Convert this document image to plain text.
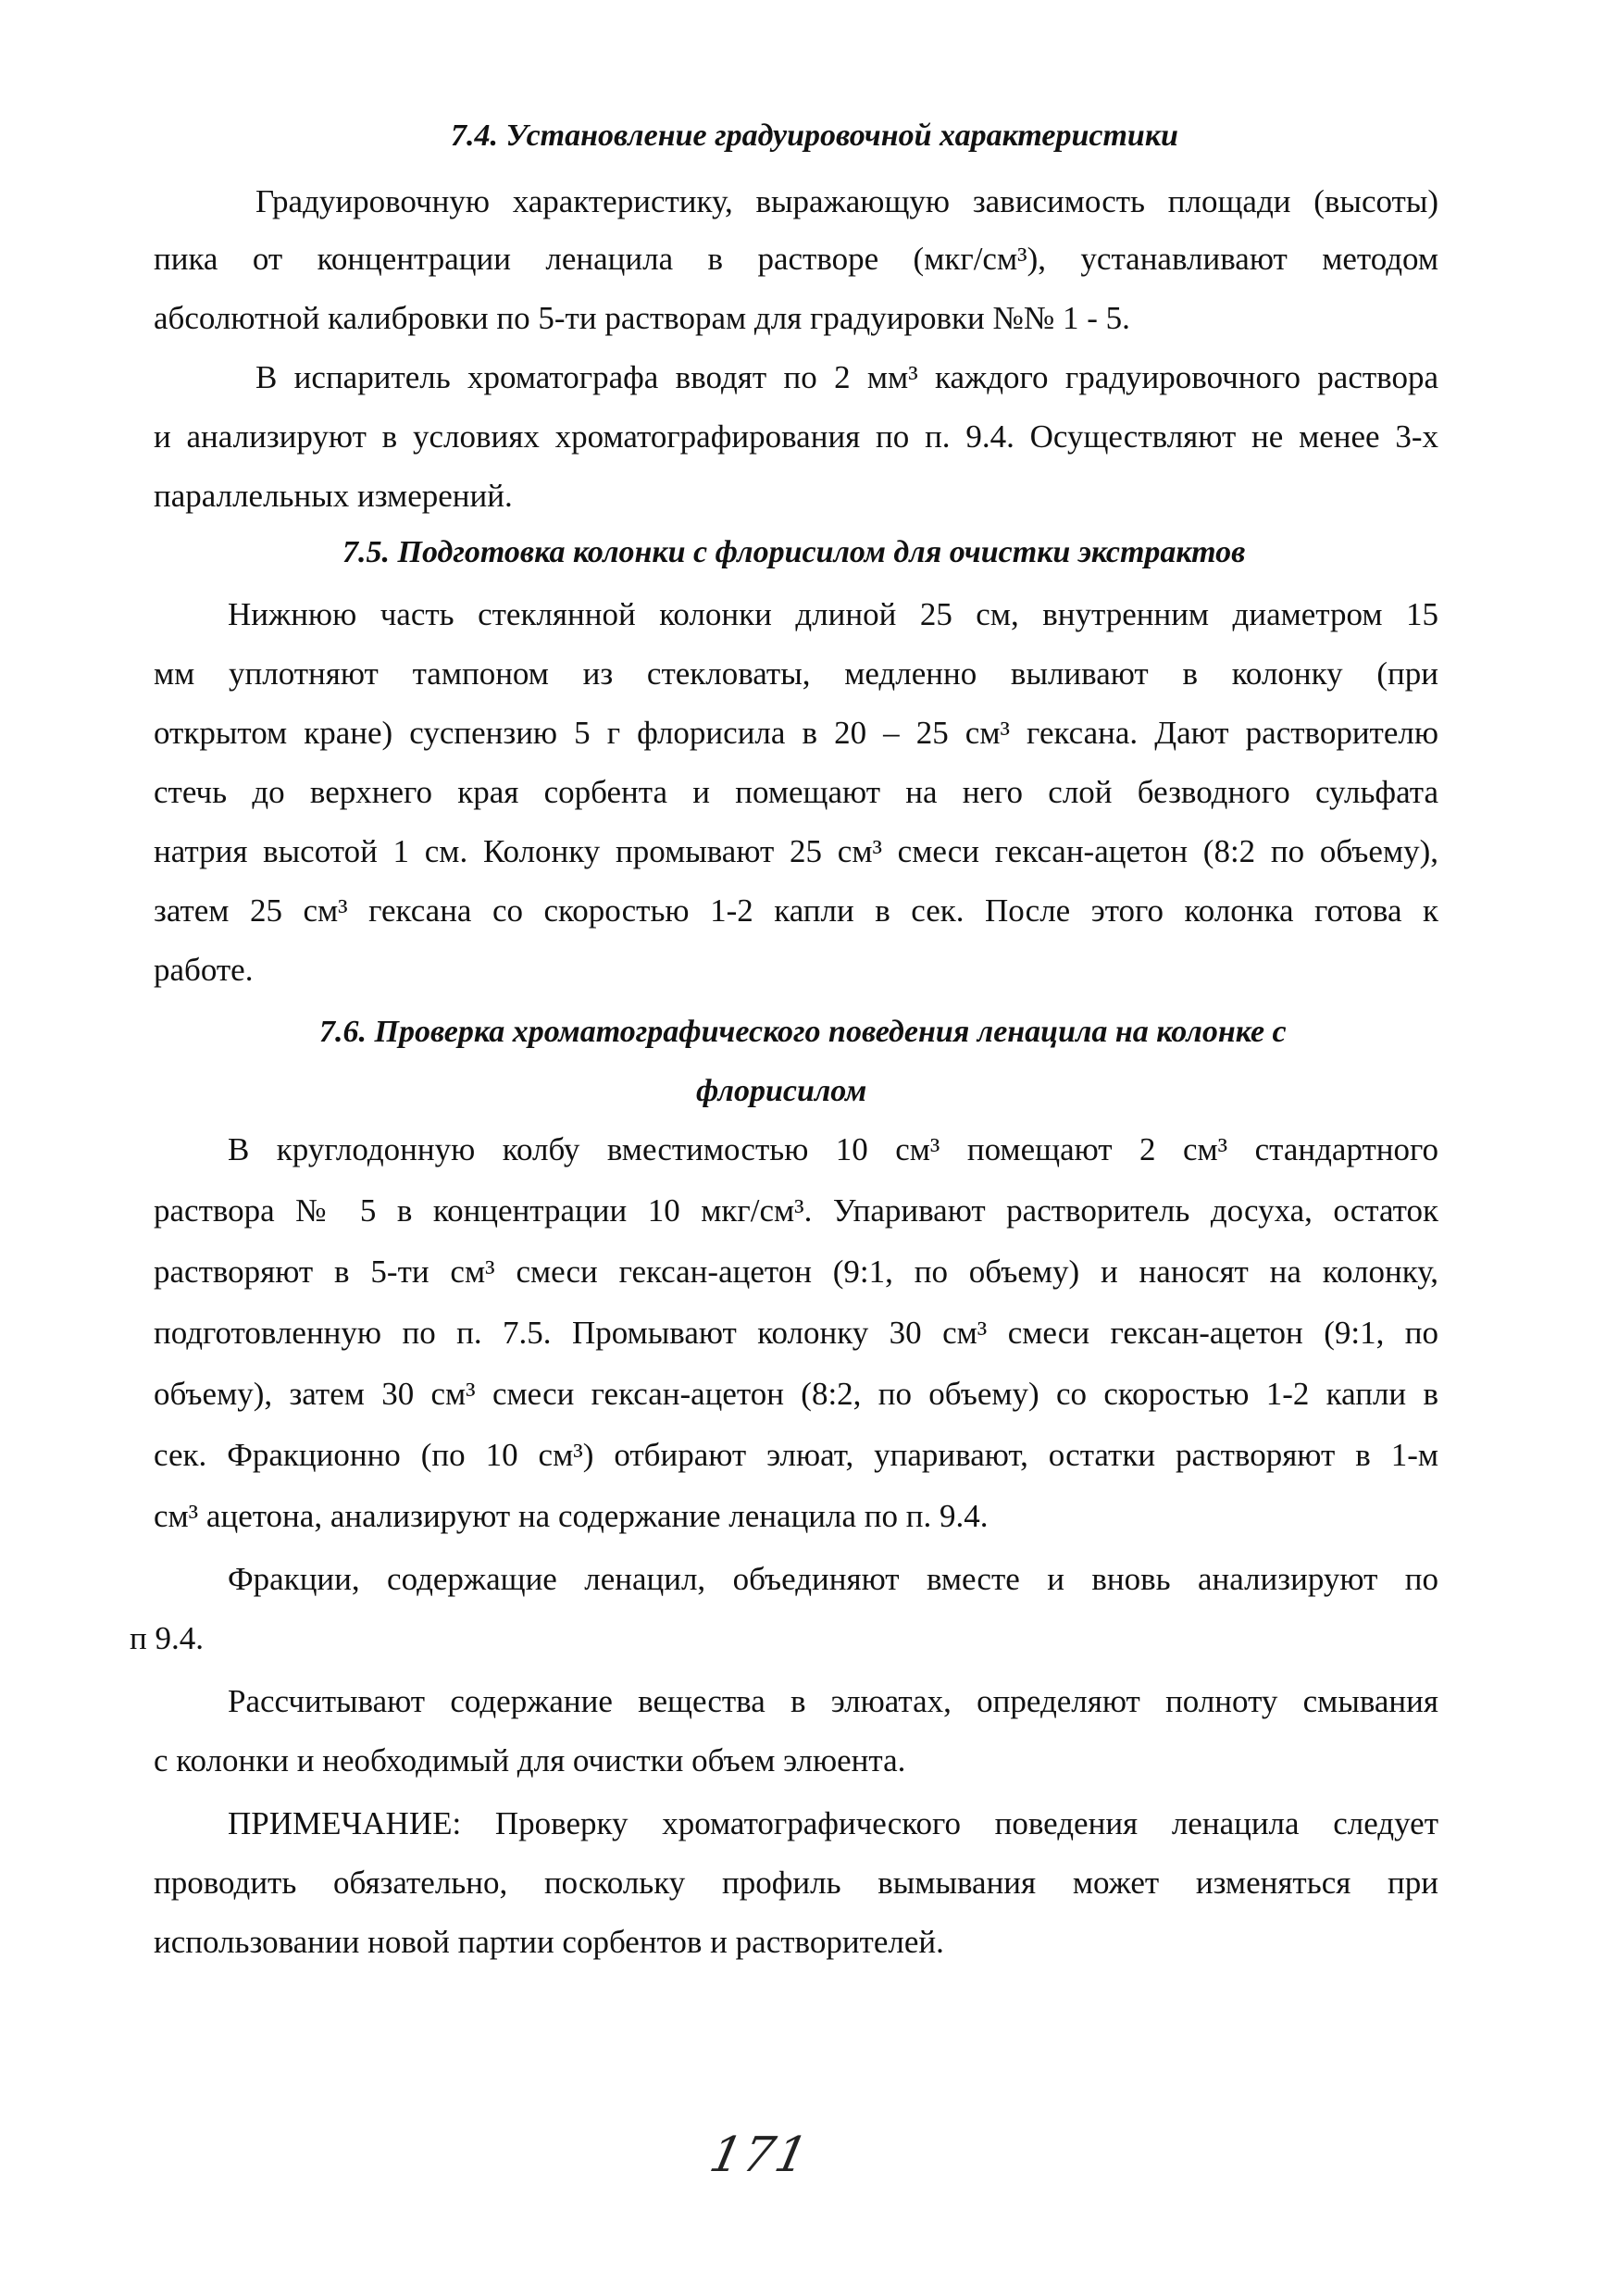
7.4. Установление градуировочной характеристики
Градуировочную характеристику, выражающую зависимость площади (высоты)
пика от концентрации ленацила в растворе (мкг/см³), устанавливают методом
абсолютной калибровки по 5-ти растворам для градуировки №№ 1 - 5.
В испаритель хроматографа вводят по 2 мм³ каждого градуировочного раствора
и анализируют в условиях хроматографирования по п. 9.4. Осуществляют не менее 3-х
параллельных измерений.
7.5. Подготовка колонки с флорисилом для очистки экстрактов
Нижнюю часть стеклянной колонки длиной 25 см, внутренним диаметром 15
мм уплотняют тампоном из стекловаты, медленно выливают в колонку (при
открытом кране) суспензию 5 г флорисила в 20 – 25 см³ гексана. Дают растворителю
стечь до верхнего края сорбента и помещают на него слой безводного сульфата
натрия высотой 1 см. Колонку промывают 25 см³ смеси гексан-ацетон (8:2 по объему),
затем 25 см³ гексана со скоростью 1-2 капли в сек. После этого колонка готова к
работе.
7.6. Проверка хроматографического поведения ленацила на колонке с
флорисилом
В круглодонную колбу вместимостью 10 см³ помещают 2 см³ стандартного
раствора № 5 в концентрации 10 мкг/см³. Упаривают растворитель досуха, остаток
растворяют в 5-ти см³ смеси гексан-ацетон (9:1, по объему) и наносят на колонку,
подготовленную по п. 7.5. Промывают колонку 30 см³ смеси гексан-ацетон (9:1, по
объему), затем 30 см³ смеси гексан-ацетон (8:2, по объему) со скоростью 1-2 капли в
сек. Фракционно (по 10 см³) отбирают элюат, упаривают, остатки растворяют в 1-м
см³ ацетона, анализируют на содержание ленацила по п. 9.4.
Фракции, содержащие ленацил, объединяют вместе и вновь анализируют по
п 9.4.
Рассчитывают содержание вещества в элюатах, определяют полноту смывания
с колонки и необходимый для очистки объем элюента.
ПРИМЕЧАНИЕ: Проверку хроматографического поведения ленацила следует
проводить обязательно, поскольку профиль вымывания может изменяться при
использовании новой партии сорбентов и растворителей.
171
